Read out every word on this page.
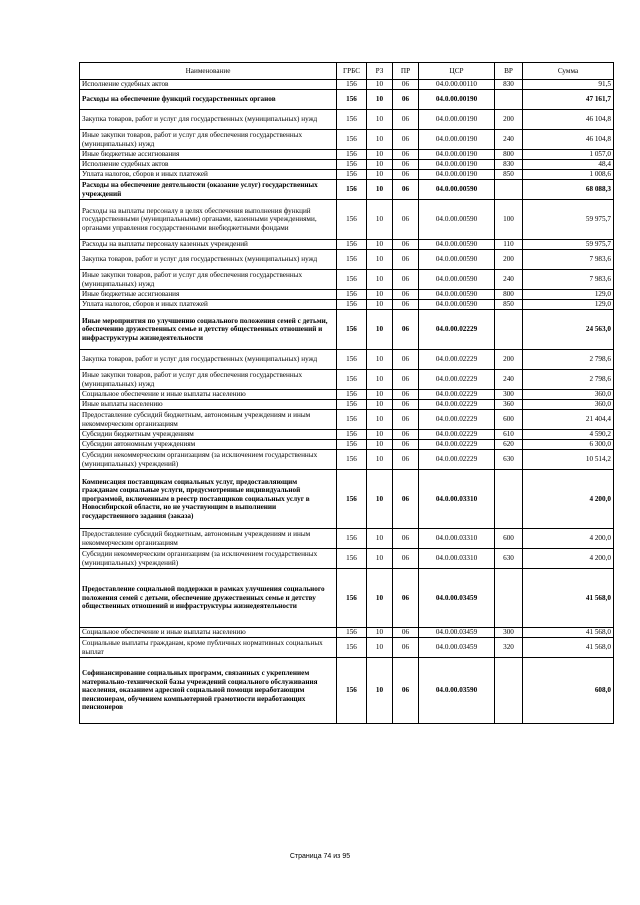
Наименование	ГРБС	РЗ	ПР	ЦСР	ВР	Сумма
Исполнение судебных актов	156	10	06	04.0.00.00110	830	91,5
Расходы на обеспечение функций государственных органов	156	10	06	04.0.00.00190		47 161,7
Закупка товаров, работ и услуг для государственных (муниципальных) нужд	156	10	06	04.0.00.00190	200	46 104,8
Иные закупки товаров, работ и услуг для обеспечения государственных (муниципальных) нужд	156	10	06	04.0.00.00190	240	46 104,8
Иные бюджетные ассигнования	156	10	06	04.0.00.00190	800	1 057,0
Исполнение судебных актов	156	10	06	04.0.00.00190	830	48,4
Уплата налогов, сборов и иных платежей	156	10	06	04.0.00.00190	850	1 008,6
Расходы на обеспечение деятельности (оказание услуг) государственных учреждений	156	10	06	04.0.00.00590		68 088,3
Расходы на выплаты персоналу в целях обеспечения выполнения функций государственными (муниципальными) органами, казенными учреждениями, органами управления государственными внебюджетными фондами	156	10	06	04.0.00.00590	100	59 975,7
Расходы на выплаты персоналу казенных учреждений	156	10	06	04.0.00.00590	110	59 975,7
Закупка товаров, работ и услуг для государственных (муниципальных) нужд	156	10	06	04.0.00.00590	200	7 983,6
Иные закупки товаров, работ и услуг для обеспечения государственных (муниципальных) нужд	156	10	06	04.0.00.00590	240	7 983,6
Иные бюджетные ассигнования	156	10	06	04.0.00.00590	800	129,0
Уплата налогов, сборов и иных платежей	156	10	06	04.0.00.00590	850	129,0
Иные мероприятия по улучшению социального положения семей с детьми, обеспечению дружественных семье и детству общественных отношений и инфраструктуры жизнедеятельности	156	10	06	04.0.00.02229		24 563,0
Закупка товаров, работ и услуг для государственных (муниципальных) нужд	156	10	06	04.0.00.02229	200	2 798,6
Иные закупки товаров, работ и услуг для обеспечения государственных (муниципальных) нужд	156	10	06	04.0.00.02229	240	2 798,6
Социальное обеспечение и иные выплаты населению	156	10	06	04.0.00.02229	300	360,0
Иные выплаты населению	156	10	06	04.0.00.02229	360	360,0
Предоставление субсидий бюджетным, автономным учреждениям и иным некоммерческим организациям	156	10	06	04.0.00.02229	600	21 404,4
Субсидии бюджетным учреждениям	156	10	06	04.0.00.02229	610	4 590,2
Субсидии автономным учреждениям	156	10	06	04.0.00.02229	620	6 300,0
Субсидии некоммерческим организациям (за исключением государственных (муниципальных) учреждений)	156	10	06	04.0.00.02229	630	10 514,2
Компенсация поставщикам социальных услуг, предоставляющим гражданам социальные услуги, предусмотренные индивидуальной программой, включенным в реестр поставщиков социальных услуг в Новосибирской области, но не участвующим в выполнении государственного задания (заказа)	156	10	06	04.0.00.03310		4 200,0
Предоставление субсидий бюджетным, автономным учреждениям и иным некоммерческим организациям	156	10	06	04.0.00.03310	600	4 200,0
Субсидии некоммерческим организациям (за исключением государственных (муниципальных) учреждений)	156	10	06	04.0.00.03310	630	4 200,0
Предоставление социальной поддержки в рамках улучшения социального положения семей с детьми, обеспечение дружественных семье и детству общественных отношений и инфраструктуры жизнедеятельности	156	10	06	04.0.00.03459		41 568,0
Социальное обеспечение и иные выплаты населению	156	10	06	04.0.00.03459	300	41 568,0
Социальные выплаты гражданам, кроме публичных нормативных социальных выплат	156	10	06	04.0.00.03459	320	41 568,0
Софинансирование социальных программ, связанных с укреплением материально-технической базы учреждений социального обслуживания населения, оказанием адресной социальной помощи неработающим пенсионерам, обучением компьютерной грамотности неработающих пенсионеров	156	10	06	04.0.00.03590		608,0
Страница 74 из 95
